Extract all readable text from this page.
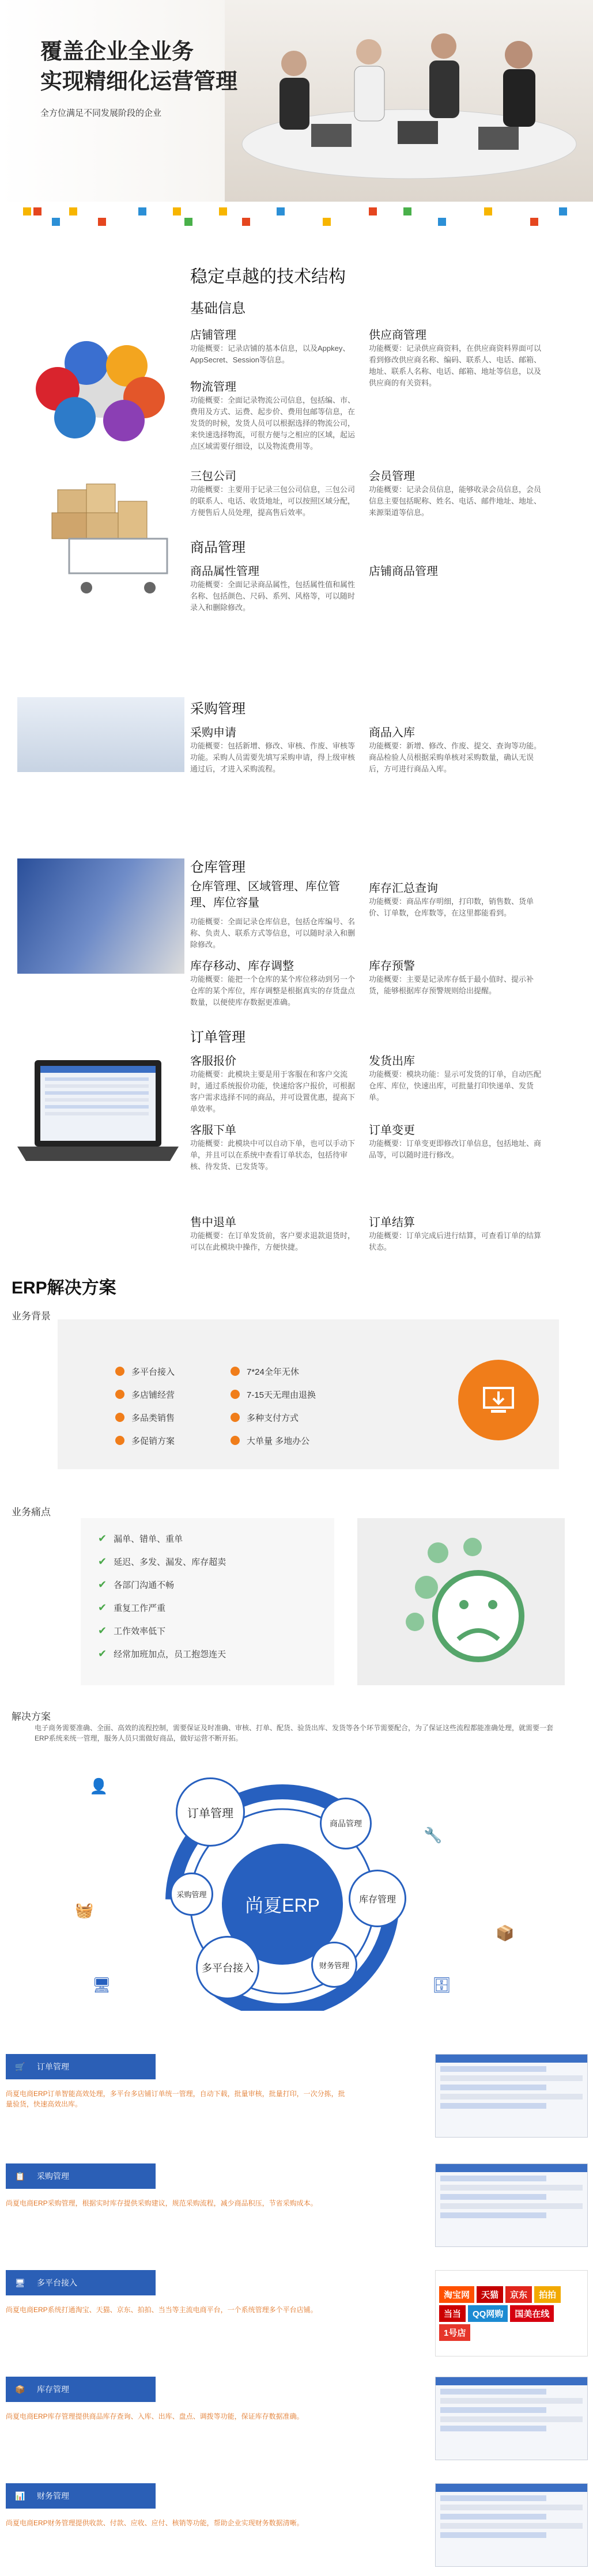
覆盖企业全业务
实现精细化运营管理
全方位满足不同发展阶段的企业
稳定卓越的技术结构
基础信息
店铺管理
功能概要：记录店铺的基本信息，以及Appkey、AppSecret、Session等信息。
物流管理
功能概要：全面记录物流公司信息，包括编、市、费用及方式、运费、起步价、费用包邮等信息，在发货的时候，发货人员可以根据选择的物流公司，来快速选择物流，可很方便与之相应的区域，起运点区域需要仔细设，以及物流费用等。
供应商管理
功能概要：记录供应商资料，在供应商资料界面可以看到修改供应商名称、编码、联系人、电话、邮箱、地址、联系人名称、电话、邮箱、地址等信息，以及供应商的有关资料。
三包公司
功能概要：主要用于记录三包公司信息，三包公司的联系人、电话、收货地址，可以按照区域分配，方便售后人员处理，提高售后效率。
会员管理
功能概要：记录会员信息，能够收录会员信息，会员信息主要包括昵称、姓名、电话、邮件地址、地址、来源渠道等信息。
商品管理
商品属性管理
功能概要：全面记录商品属性，包括属性值和属性名称、包括颜色、尺码、系列、风格等，可以随时录入和删除修改。
店铺商品管理
采购管理
采购申请
功能概要：包括新增、修改、审核、作废、审核等功能。采购人员需要先填写采购申请，得上级审核通过后，才进入采购流程。
商品入库
功能概要：新增、修改、作废、提交、查询等功能。商品检验人员根据采购单核对采购数量，确认无误后，方可进行商品入库。
仓库管理
仓库管理、区域管理、库位管理、库位容量
功能概要：全面记录仓库信息，包括仓库编号、名称、负责人、联系方式等信息，可以随时录入和删除修改。
库存汇总查询
功能概要：商品库存明细，打印数，销售数、货单价、订单数，仓库数等，在这里都能看到。
库存移动、库存调整
功能概要：能把一个仓库的某个库位移动到另一个仓库的某个库位，库存调整是根据真实的存货盘点数量，以便使库存数据更准确。
库存预警
功能概要：主要是记录库存低于最小值时、提示补货，能够根据库存预警规则给出提醒。
订单管理
客服报价
功能概要：此模块主要是用于客服在和客户交流时，通过系统报价功能，快速给客户报价，可根据客户需求选择不同的商品，并可设置优惠，提高下单效率。
发货出库
功能概要：模块功能：显示可发货的订单，自动匹配仓库、库位，快速出库，可批量打印快递单、发货单。
客服下单
功能概要：此模块中可以自动下单，也可以手动下单，并且可以在系统中查看订单状态，包括待审核、待发货、已发货等。
订单变更
功能概要：订单变更即修改订单信息，包括地址、商品等，可以随时进行修改。
售中退单
功能概要：在订单发货前，客户要求退款退货时，可以在此模块中操作，方便快捷。
订单结算
功能概要：订单完成后进行结算，可查看订单的结算状态。
ERP解决方案
业务背景
多平台接入
多店铺经营
多品类销售
多促销方案
7*24全年无休
7-15天无理由退换
多种支付方式
大单量 多地办公
业务痛点
✔ 漏单、错单、重单
✔ 延迟、多发、漏发、库存超卖
✔ 各部门沟通不畅
✔ 重复工作严重
✔ 工作效率低下
✔ 经常加班加点，员工抱怨连天
解决方案
电子商务需要准确、全面、高效的流程控制，需要保证及时准确、审核、打单、配货、验货出库、发货等各个环节需要配合，为了保证这些流程都能准确处理，就需要一套ERP系统来统一管理，服务人员只需做好商品，做好运营不断开拓。
尚夏ERP
订单管理
商品管理
库存管理
财务管理
多平台接入
采购管理
👤
🧺
🖥
🔧
📦
🗄
🛒 订单管理
尚夏电商ERP订单智能高效处理，多平台多店铺订单统一管理，自动下载，批量审核，批量打印，一次分拣，批量验货，快速高效出库。
📋 采购管理
尚夏电商ERP采购管理，根据实时库存提供采购建议，规范采购流程，减少商品积压，节省采购成本。
🖥 多平台接入
尚夏电商ERP系统打通淘宝、天猫、京东、拍拍、当当等主流电商平台，一个系统管理多个平台店铺。
淘宝网	天猫	京东	拍拍
当当	QQ网购	国美在线
1号店
📦 库存管理
尚夏电商ERP库存管理提供商品库存查询、入库、出库、盘点、调拨等功能，保证库存数据准确。
📊 财务管理
尚夏电商ERP财务管理提供收款、付款、应收、应付、核销等功能，帮助企业实现财务数据清晰。
